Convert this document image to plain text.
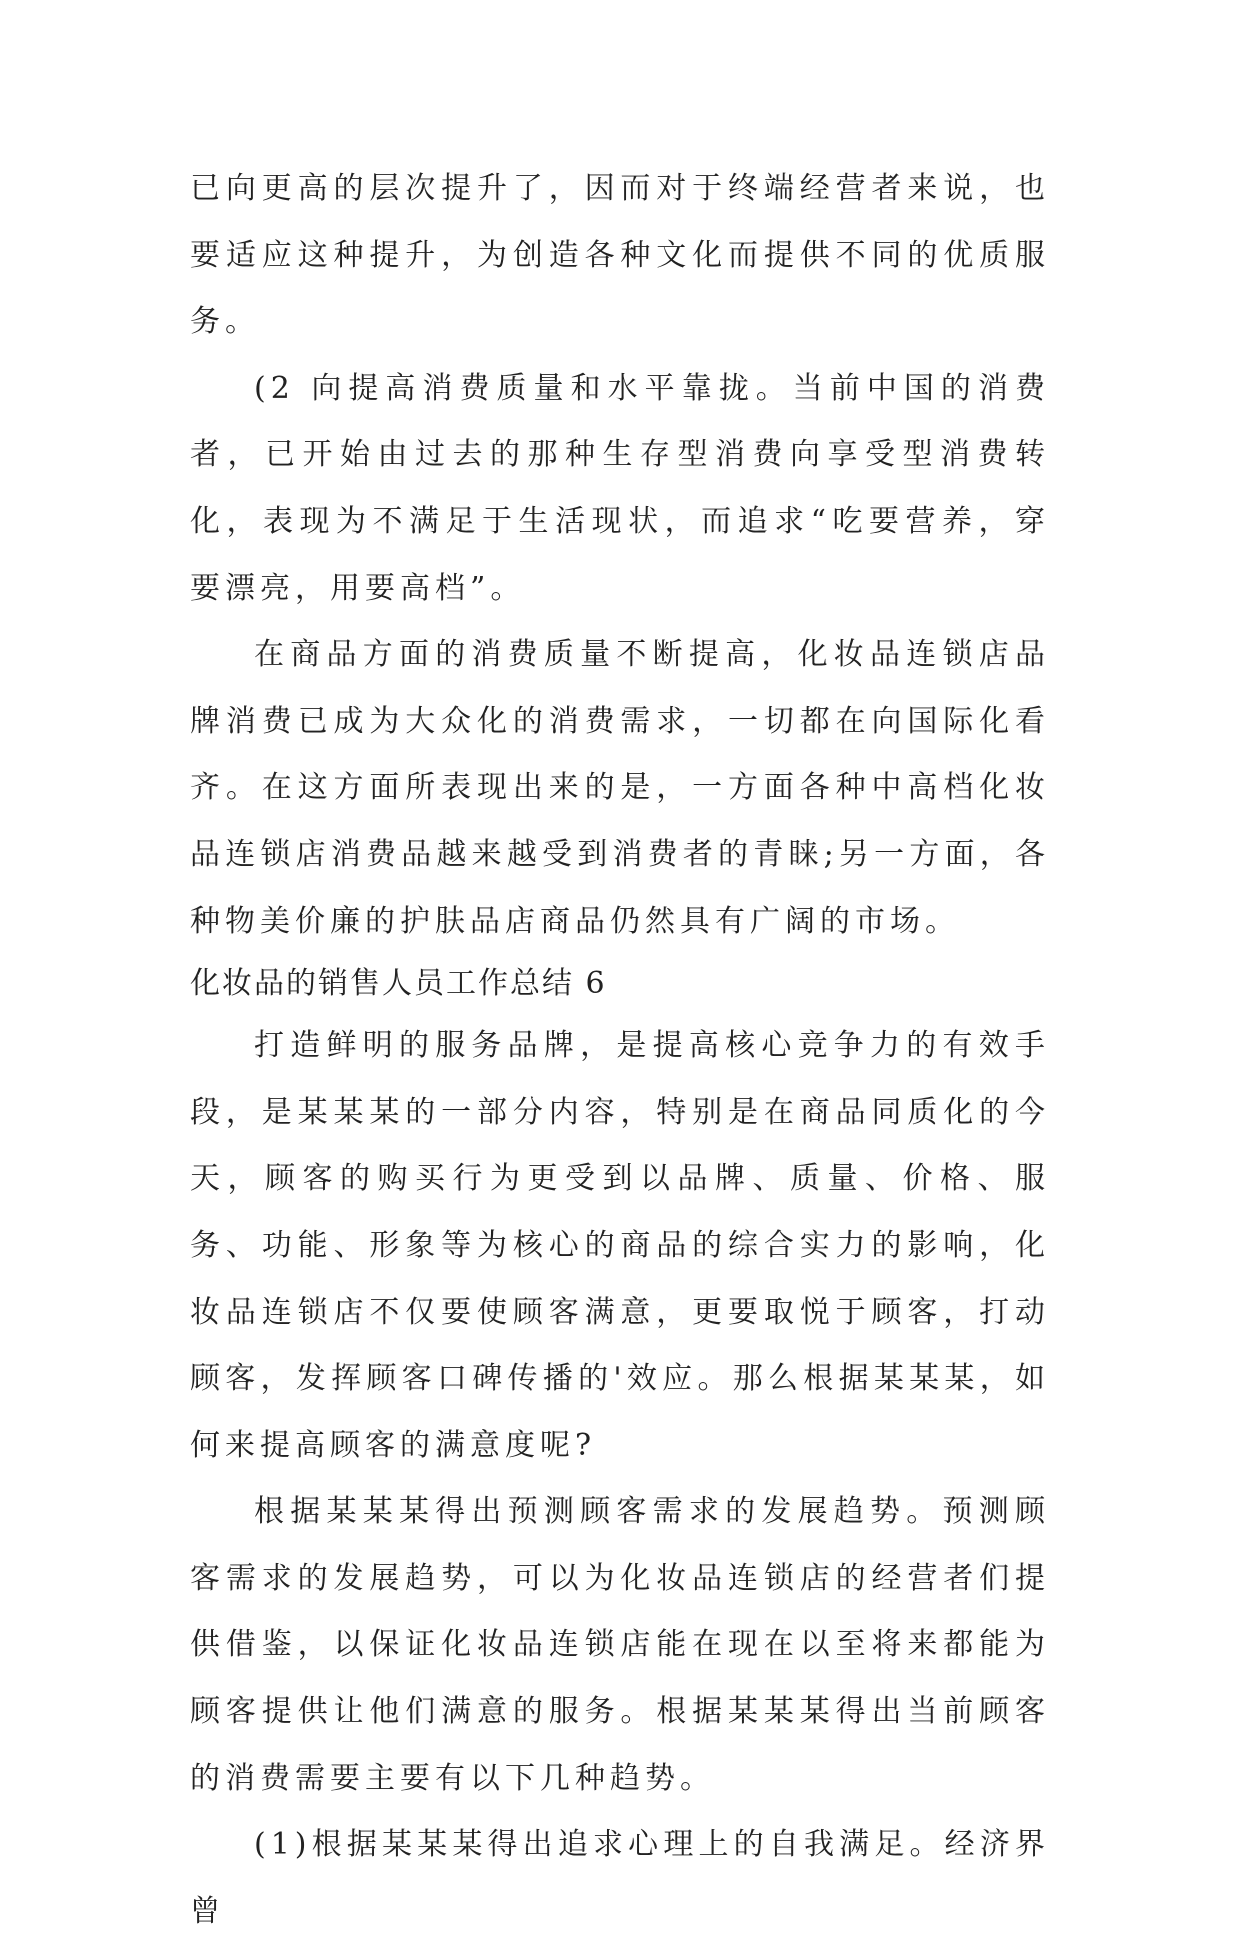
已向更高的层次提升了，因而对于终端经营者来说，也要适应这种提升，为创造各种文化而提供不同的优质服务。

(2 向提高消费质量和水平靠拢。当前中国的消费者，已开始由过去的那种生存型消费向享受型消费转化，表现为不满足于生活现状，而追求“吃要营养，穿要漂亮，用要高档”。

在商品方面的消费质量不断提高，化妆品连锁店品牌消费已成为大众化的消费需求，一切都在向国际化看齐。在这方面所表现出来的是，一方面各种中高档化妆品连锁店消费品越来越受到消费者的青睐;另一方面，各种物美价廉的护肤品店商品仍然具有广阔的市场。

化妆品的销售人员工作总结 6

打造鲜明的服务品牌，是提高核心竞争力的有效手段，是某某某的一部分内容，特别是在商品同质化的今天，顾客的购买行为更受到以品牌、质量、价格、服务、功能、形象等为核心的商品的综合实力的影响，化妆品连锁店不仅要使顾客满意，更要取悦于顾客，打动顾客，发挥顾客口碑传播的'效应。那么根据某某某，如何来提高顾客的满意度呢?

根据某某某得出预测顾客需求的发展趋势。预测顾客需求的发展趋势，可以为化妆品连锁店的经营者们提供借鉴，以保证化妆品连锁店能在现在以至将来都能为顾客提供让他们满意的服务。根据某某某得出当前顾客的消费需要主要有以下几种趋势。

(1)根据某某某得出追求心理上的自我满足。经济界曾
